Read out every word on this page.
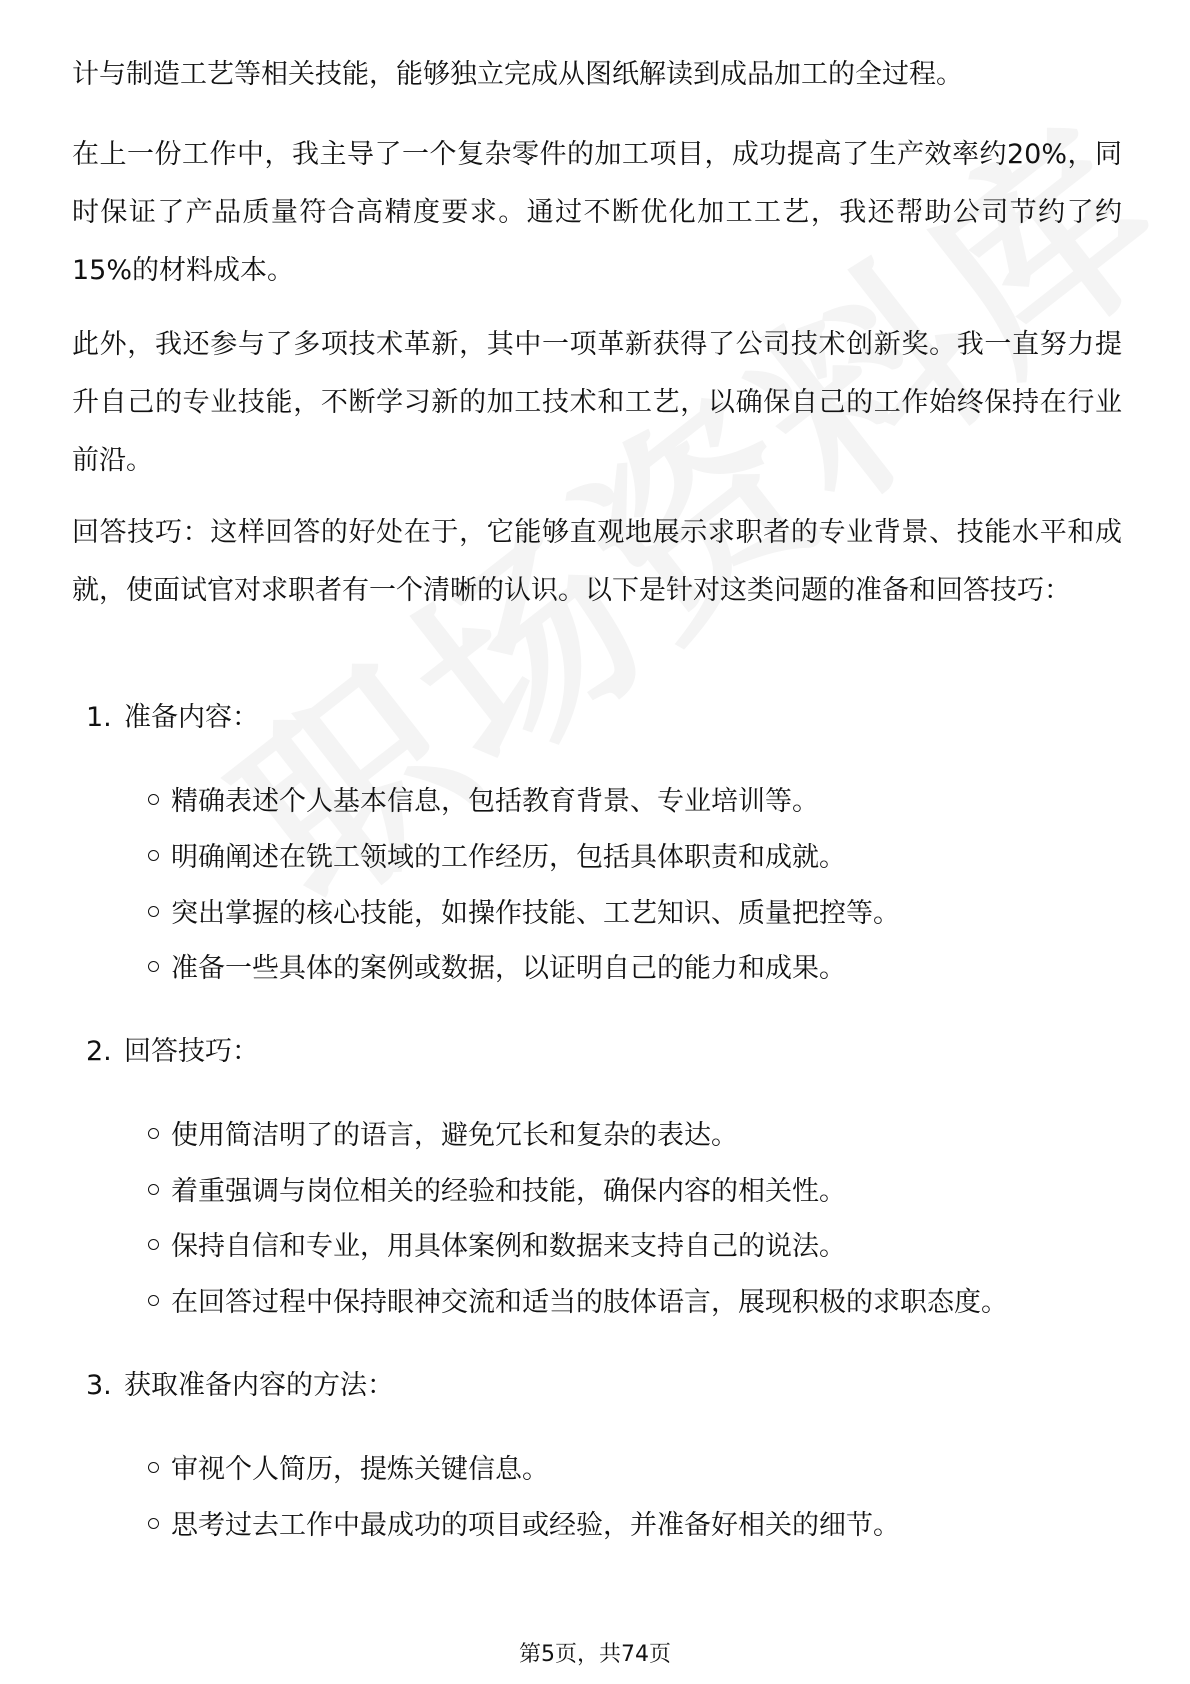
计与制造工艺等相关技能，能够独立完成从图纸解读到成品加工的全过程。

在上一份工作中，我主导了一个复杂零件的加工项目，成功提高了生产效率约20%，同时保证了产品质量符合高精度要求。通过不断优化加工工艺，我还帮助公司节约了约15%的材料成本。

此外，我还参与了多项技术革新，其中一项革新获得了公司技术创新奖。我一直努力提升自己的专业技能，不断学习新的加工技术和工艺，以确保自己的工作始终保持在行业前沿。

回答技巧：这样回答的好处在于，它能够直观地展示求职者的专业背景、技能水平和成就，使面试官对求职者有一个清晰的认识。以下是针对这类问题的准备和回答技巧：

1. 准备内容：
精确表述个人基本信息，包括教育背景、专业培训等。
明确阐述在铣工领域的工作经历，包括具体职责和成就。
突出掌握的核心技能，如操作技能、工艺知识、质量把控等。
准备一些具体的案例或数据，以证明自己的能力和成果。
2. 回答技巧：
使用简洁明了的语言，避免冗长和复杂的表达。
着重强调与岗位相关的经验和技能，确保内容的相关性。
保持自信和专业，用具体案例和数据来支持自己的说法。
在回答过程中保持眼神交流和适当的肢体语言，展现积极的求职态度。
3. 获取准备内容的方法：
审视个人简历，提炼关键信息。
思考过去工作中最成功的项目或经验，并准备好相关的细节。
第5页，共74页
